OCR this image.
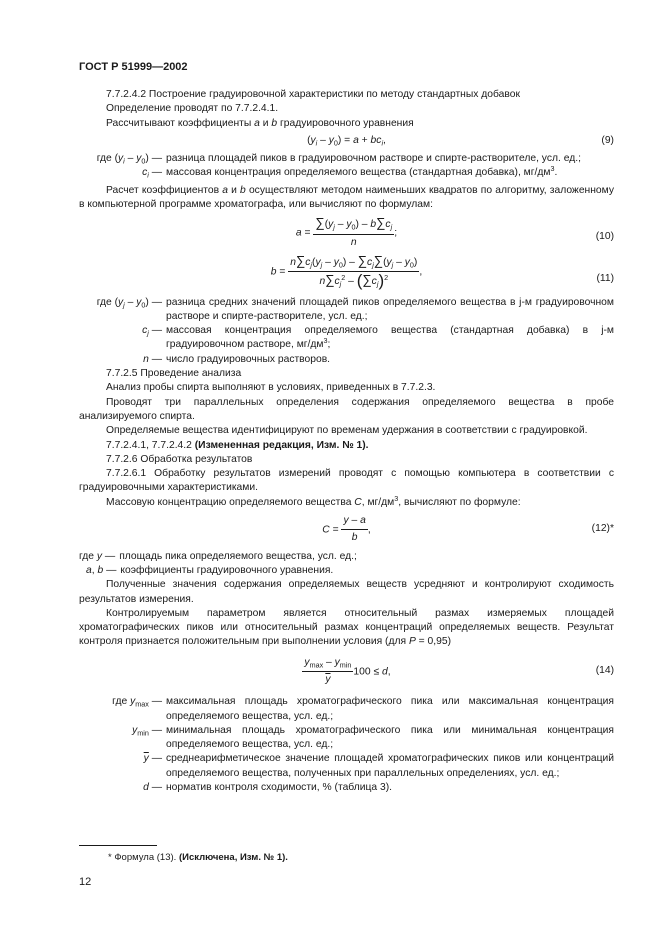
ГОСТ Р 51999—2002

7.7.2.4.2 Построение градуировочной характеристики по методу стандартных добавок

Определение проводят по 7.7.2.4.1.

Рассчитывают коэффициенты a и b градуировочного уравнения

$(y_i - y_0) = a + bc_i$,	(9)
где $(y_i - y_0)$ — разница площадей пиков в градуировочном растворе и спирте-растворителе, усл. ед.;
$c_i$ — массовая концентрация определяемого вещества (стандартная добавка), $мг/дм^3$.

Расчет коэффициентов a и b осуществляют методом наименьших квадратов по алгоритму, заложенному в компьютерной программе хроматографа, или вычисляют по формулам:

$a = \frac{\sum(y_j - y_0) - b\sum c_j}{n}$ ;	(10)
$b = \frac{n\sum c_j(y_j - y_0) - \sum c_j\sum(y_j - y_0)}{n\sum c_j^2 - (\sum c_j)^2}$ ,
(11)
где $(y_j - y_0)$ — разница средних значений площадей пиков определяемого вещества в j-м градуировочном растворе и спирте-растворителе, усл. ед.;
$c_j$ — массовая концентрация определяемого вещества (стандартная добавка) в j-м градуировочном растворе, $мг/дм^3$;
n — число градуировочных растворов.

7.7.2.5 Проведение анализа

Анализ пробы спирта выполняют в условиях, приведенных в 7.7.2.3.

Проводят три параллельных определения содержания определяемого вещества в пробе анализируемого спирта.

Определяемые вещества идентифицируют по временам удержания в соответствии с градуировкой.

7.7.2.4.1, 7.7.2.4.2 (Измененная редакция, Изм. № 1).

7.7.2.6 Обработка результатов

7.7.2.6.1 Обработку результатов измерений проводят с помощью компьютера в соответствии с градуировочными характеристиками.

Массовую концентрацию определяемого вещества C, $мг/дм^3$, вычисляют по формуле:

$C = \frac{y - a}{b}$ ,	(12)*
где y — площадь пика определяемого вещества, усл. ед.;
a, b — коэффициенты градуировочного уравнения.

Полученные значения содержания определяемых веществ усредняют и контролируют сходимость результатов измерения.

Контролируемым параметром является относительный размах измеряемых площадей хроматографических пиков или относительный размах концентраций определяемых веществ. Результат контроля признается положительным при выполнении условия (для P = 0,95)

$\frac{y_{max} - y_{min}}{y} 100 \le d$,	(14)
где $y_{max}$ — максимальная площадь хроматографического пика или максимальная концентрация определяемого вещества, усл. ед.;
$y_{min}$ — минимальная площадь хроматографического пика или минимальная концентрация определяемого вещества, усл. ед.;
$\overline{y}$ — среднеарифметическое значение площадей хроматографических пиков или концентраций определяемого вещества, полученных при параллельных определениях, усл. ед.;
d — норматив контроля сходимости, % (таблица 3).
* Формула (13). (Исключена, Изм. № 1).
12
